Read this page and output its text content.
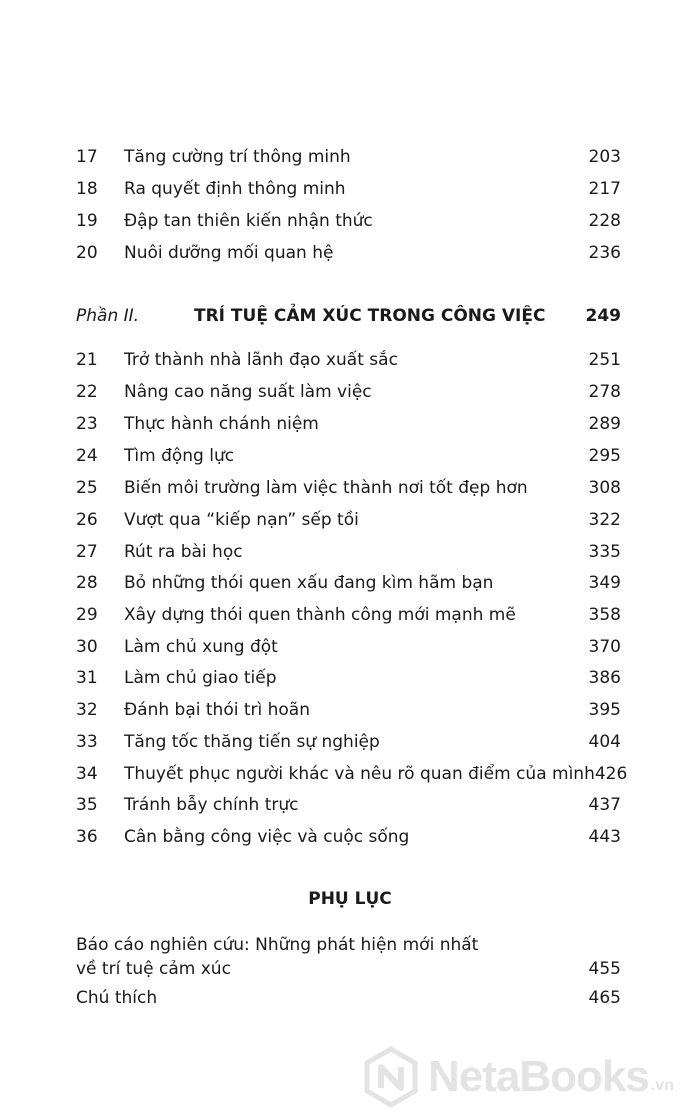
17	Tăng cường trí thông minh	203
18	Ra quyết định thông minh	217
19	Đập tan thiên kiến nhận thức	228
20	Nuôi dưỡng mối quan hệ	236
Phần II.	TRÍ TUỆ CẢM XÚC TRONG CÔNG VIỆC	249
21	Trở thành nhà lãnh đạo xuất sắc	251
22	Nâng cao năng suất làm việc	278
23	Thực hành chánh niệm	289
24	Tìm động lực	295
25	Biến môi trường làm việc thành nơi tốt đẹp hơn	308
26	Vượt qua “kiếp nạn” sếp tồi	322
27	Rút ra bài học	335
28	Bỏ những thói quen xấu đang kìm hãm bạn	349
29	Xây dựng thói quen thành công mới mạnh mẽ	358
30	Làm chủ xung đột	370
31	Làm chủ giao tiếp	386
32	Đánh bại thói trì hoãn	395
33	Tăng tốc thăng tiến sự nghiệp	404
34	Thuyết phục người khác và nêu rõ quan điểm của mình 426
35	Tránh bẫy chính trực	437
36	Cân bằng công việc và cuộc sống	443
PHỤ LỤC
Báo cáo nghiên cứu: Những phát hiện mới nhất
về trí tuệ cảm xúc	455
Chú thích	465
NetaBooks .vn
